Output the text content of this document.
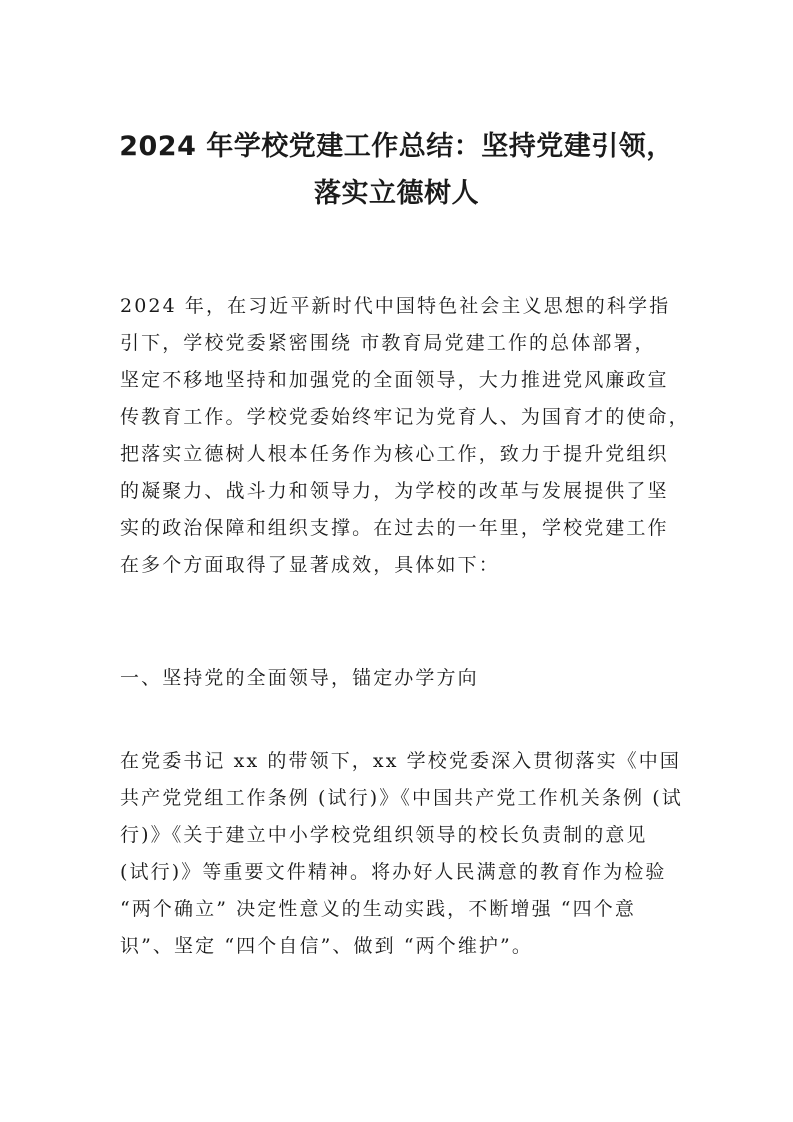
2024 年学校党建工作总结：坚持党建引领，
落实立德树人

2024 年，在习近平新时代中国特色社会主义思想的科学指
引下，学校党委紧密围绕 市教育局党建工作的总体部署，
坚定不移地坚持和加强党的全面领导，大力推进党风廉政宣
传教育工作。学校党委始终牢记为党育人、为国育才的使命，
把落实立德树人根本任务作为核心工作，致力于提升党组织
的凝聚力、战斗力和领导力，为学校的改革与发展提供了坚
实的政治保障和组织支撑。在过去的一年里，学校党建工作
在多个方面取得了显著成效，具体如下：

一、坚持党的全面领导，锚定办学方向

在党委书记 xx 的带领下，xx 学校党委深入贯彻落实《中国
共产党党组工作条例 (试行)》《中国共产党工作机关条例 (试
行)》《关于建立中小学校党组织领导的校长负责制的意见
(试行)》等重要文件精神。将办好人民满意的教育作为检验
“两个确立” 决定性意义的生动实践，不断增强 “四个意
识”、坚定 “四个自信”、做到 “两个维护”。
